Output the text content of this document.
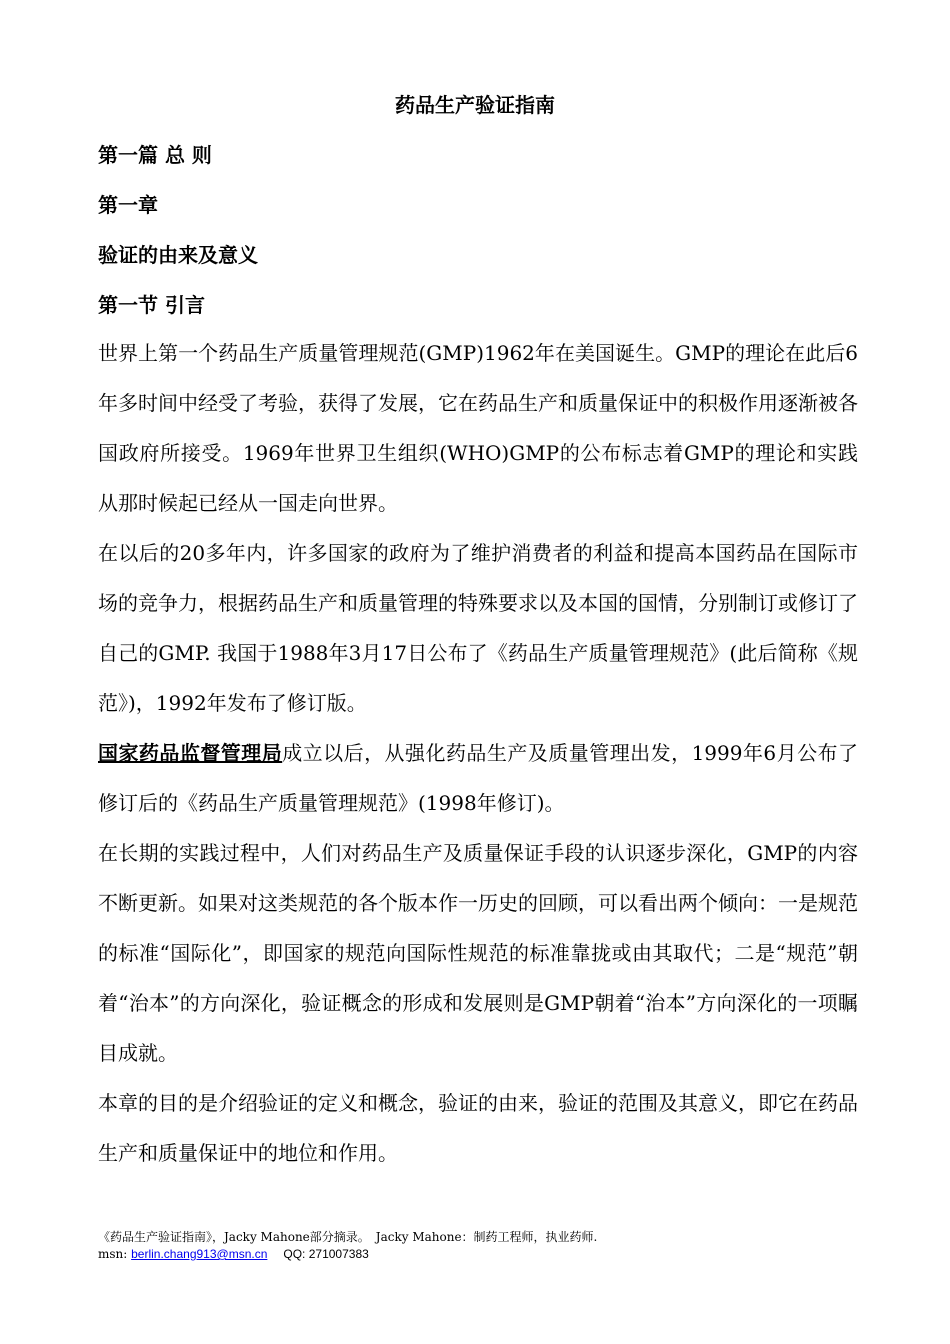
药品生产验证指南
第一篇 总 则
第一章
验证的由来及意义
第一节 引言

世界上第一个药品生产质量管理规范(GMP)1962年在美国诞生。GMP的理论在此后6年多时间中经受了考验，获得了发展，它在药品生产和质量保证中的积极作用逐渐被各国政府所接受。1969年世界卫生组织(WHO)GMP的公布标志着GMP的理论和实践从那时候起已经从一国走向世界。

在以后的20多年内，许多国家的政府为了维护消费者的利益和提高本国药品在国际市场的竞争力，根据药品生产和质量管理的特殊要求以及本国的国情，分别制订或修订了自己的GMP. 我国于1988年3月17日公布了《药品生产质量管理规范》(此后简称《规范》)，1992年发布了修订版。

国家药品监督管理局成立以后，从强化药品生产及质量管理出发，1999年6月公布了修订后的《药品生产质量管理规范》(1998年修订)。

在长期的实践过程中，人们对药品生产及质量保证手段的认识逐步深化，GMP的内容不断更新。如果对这类规范的各个版本作一历史的回顾，可以看出两个倾向：一是规范的标准“国际化”，即国家的规范向国际性规范的标准靠拢或由其取代；二是“规范”朝着“治本”的方向深化，验证概念的形成和发展则是GMP朝着“治本”方向深化的一项瞩目成就。

本章的目的是介绍验证的定义和概念，验证的由来，验证的范围及其意义，即它在药品生产和质量保证中的地位和作用。

《药品生产验证指南》，Jacky Mahone部分摘录。　Jacky Mahone：制药工程师，执业药师.
msn: berlin.chang913@msn.cn QQ: 271007383
